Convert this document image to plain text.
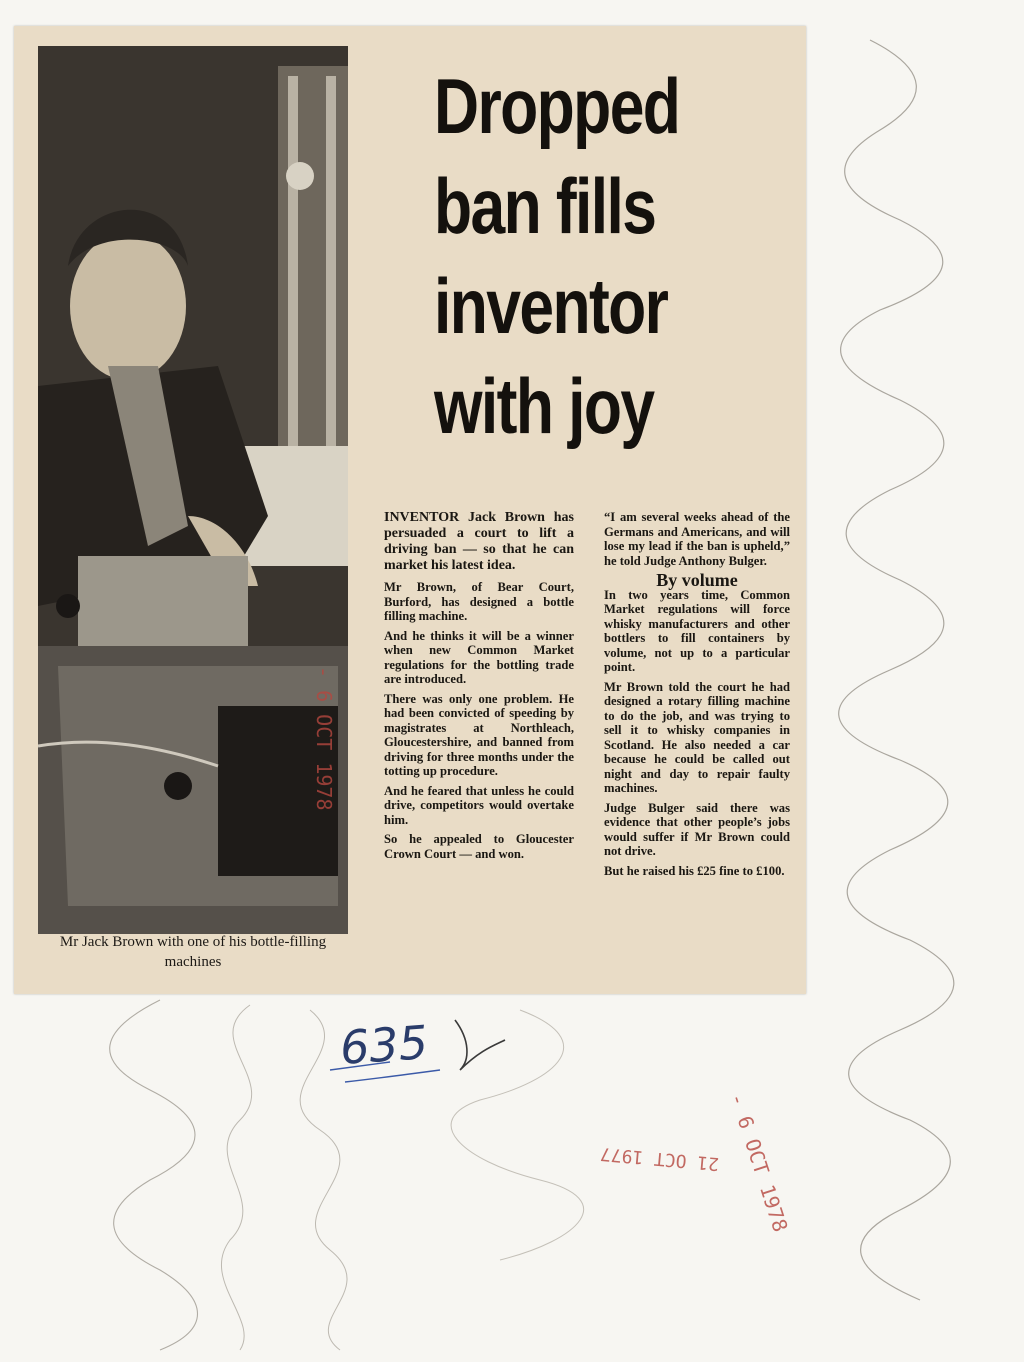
Mr Jack Brown with one of his bottle-filling machines
Dropped ban fills inventor with joy

INVENTOR Jack Brown has persuaded a court to lift a driving ban — so that he can market his latest idea.

Mr Brown, of Bear Court, Burford, has designed a bottle filling machine.

And he thinks it will be a winner when new Common Market regulations for the bottling trade are introduced.

There was only one problem. He had been convicted of speeding by magistrates at Northleach, Gloucestershire, and banned from driving for three months under the totting up procedure.

And he feared that unless he could drive, competitors would overtake him.

So he appealed to Gloucester Crown Court — and won.

“I am several weeks ahead of the Germans and Americans, and will lose my lead if the ban is upheld,” he told Judge Anthony Bulger.

By volume

In two years time, Common Market regulations will force whisky manufacturers and other bottlers to fill containers by volume, not up to a particular point.

Mr Brown told the court he had designed a rotary filling machine to do the job, and was trying to sell it to whisky companies in Scotland. He also needed a car because he could be called out night and day to repair faulty machines.

Judge Bulger said there was evidence that other people’s jobs would suffer if Mr Brown could not drive.

But he raised his £25 fine to £100.

- 6 OCT 1978
- 6 OCT 1978
21 OCT 1977
635
